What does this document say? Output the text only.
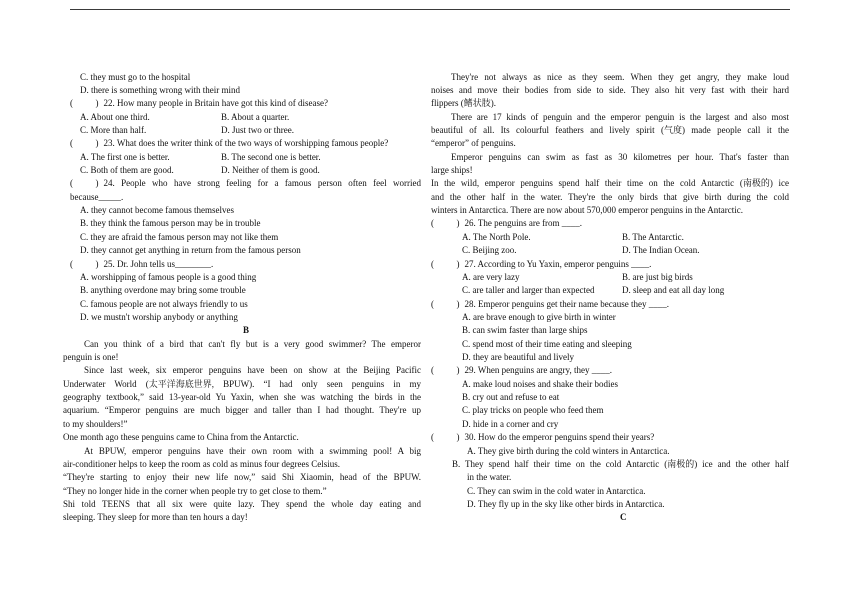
C. they must go to the hospital
D. there is something wrong with their mind
(          ) 22. How many people in Britain have got this kind of disease?
A. About one third.	B. About a quarter.
C. More than half.	D. Just two or three.
(          ) 23. What does the writer think of the two ways of worshipping famous people?
A. The first one is better.	B. The second one is better.
C. Both of them are good.	D. Neither of them is good.
(          ) 24. People who have strong feeling for a famous person often feel worried
because_____.
A. they cannot become famous themselves
B. they think the famous person may be in trouble
C. they are afraid the famous person may not like them
D. they cannot get anything in return from the famous person
(          ) 25. Dr. John tells us________.
A. worshipping of famous people is a good thing
B. anything overdone may bring some trouble
C. famous people are not always friendly to us
D. we mustn't worship anybody or anything
B
Can you think of a bird that can't fly but is a very good swimmer? The emperor
penguin is one!
Since last week, six emperor penguins have been on show at the Beijing Pacific
Underwater World (太平洋海底世界, BPUW). “I had only seen penguins in my
geography textbook,” said 13-year-old Yu Yaxin, when she was watching the birds in the
aquarium. “Emperor penguins are much bigger and taller than I had thought. They're up
to my shoulders!”
One month ago these penguins came to China from the Antarctic.
At BPUW, emperor penguins have their own room with a swimming pool! A big
air-conditioner helps to keep the room as cold as minus four degrees Celsius.
“They're starting to enjoy their new life now,” said Shi Xiaomin, head of the BPUW.
“They no longer hide in the corner when people try to get close to them.”
Shi told TEENS that all six were quite lazy. They spend the whole day eating and
sleeping. They sleep for more than ten hours a day!
They're not always as nice as they seem. When they get angry, they make loud
noises and move their bodies from side to side. They also hit very fast with their hard
flippers (鳍状肢).
There are 17 kinds of penguin and the emperor penguin is the largest and also most
beautiful of all. Its colourful feathers and lively spirit (气度) made people call it the
“emperor” of penguins.
Emperor penguins can swim as fast as 30 kilometres per hour. That's faster than
large ships!
In the wild, emperor penguins spend half their time on the cold Antarctic (南极的) ice
and the other half in the water. They're the only birds that give birth during the cold
winters in Antarctica. There are now about 570,000 emperor penguins in the Antarctic.
(          ) 26. The penguins are from ____.
A. The North Pole.	B. The Antarctic.
C. Beijing zoo.	D. The Indian Ocean.
(          ) 27. According to Yu Yaxin, emperor penguins ____.
A. are very lazy	B. are just big birds
C. are taller and larger than expected	D. sleep and eat all day long
(          ) 28. Emperor penguins get their name because they ____.
A. are brave enough to give birth in winter
B. can swim faster than large ships
C. spend most of their time eating and sleeping
D. they are beautiful and lively
(          ) 29. When penguins are angry, they ____.
A. make loud noises and shake their bodies
B. cry out and refuse to eat
C. play tricks on people who feed them
D. hide in a corner and cry
(          ) 30. How do the emperor penguins spend their years?
A. They give birth during the cold winters in Antarctica.
B. They spend half their time on the cold Antarctic (南极的) ice and the other half
in the water.
C. They can swim in the cold water in Antarctica.
D. They fly up in the sky like other birds in Antarctica.
C
